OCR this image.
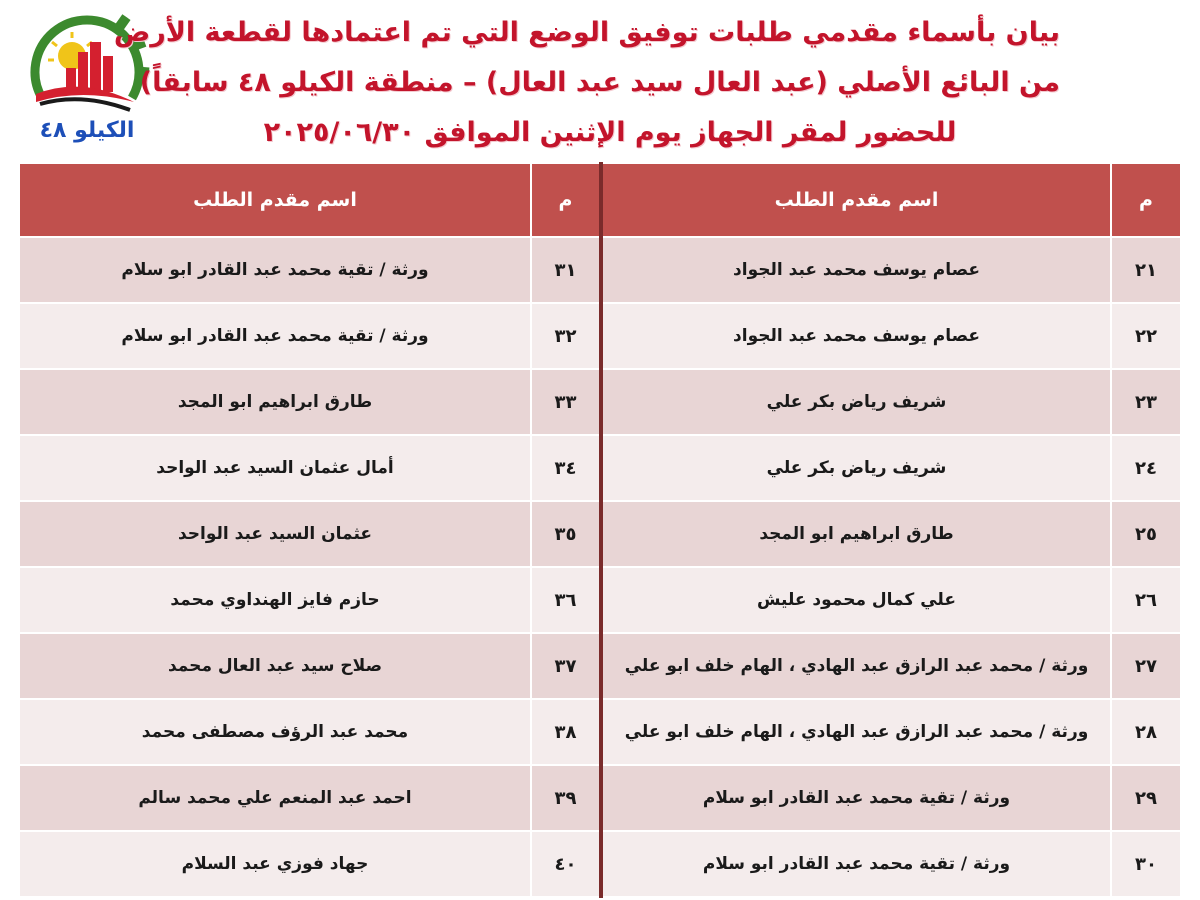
الكيلو ٤٨
بيان بأسماء مقدمي طلبات توفيق الوضع التي تم اعتمادها لقطعة الأرض
من البائع الأصلي (عبد العال سيد عبد العال) – منطقة الكيلو ٤٨ سابقاً)
للحضور لمقر الجهاز يوم الإثنين الموافق ٢٠٢٥/٠٦/٣٠
م	اسم مقدم الطلب	م	اسم مقدم الطلب
٢١	عصام يوسف محمد عبد الجواد	٣١	ورثة / تقية محمد عبد القادر ابو سلام
٢٢	عصام يوسف محمد عبد الجواد	٣٢	ورثة / تقية محمد عبد القادر ابو سلام
٢٣	شريف رياض بكر علي	٣٣	طارق ابراهيم ابو المجد
٢٤	شريف رياض بكر علي	٣٤	أمال عثمان السيد عبد الواحد
٢٥	طارق ابراهيم ابو المجد	٣٥	عثمان السيد عبد الواحد
٢٦	علي كمال محمود عليش	٣٦	حازم فايز الهنداوي محمد
٢٧	ورثة / محمد عبد الرازق عبد الهادي ، الهام خلف ابو علي	٣٧	صلاح سيد عبد العال محمد
٢٨	ورثة / محمد عبد الرازق عبد الهادي ، الهام خلف ابو علي	٣٨	محمد عبد الرؤف مصطفى محمد
٢٩	ورثة / تقية محمد عبد القادر ابو سلام	٣٩	احمد عبد المنعم علي محمد سالم
٣٠	ورثة / تقية محمد عبد القادر ابو سلام	٤٠	جهاد فوزي عبد السلام
